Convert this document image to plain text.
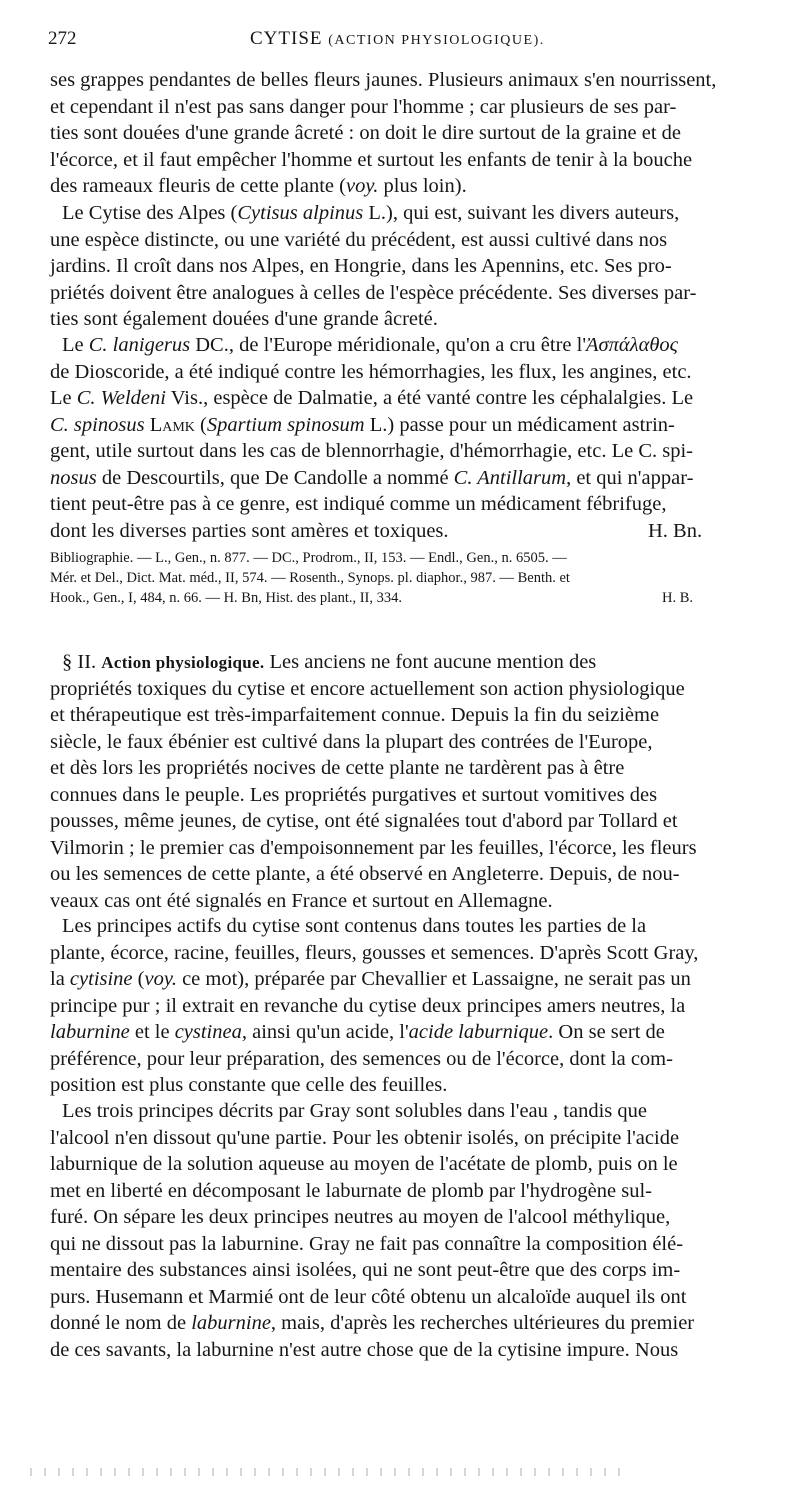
272	CYTISE (ACTION PHYSIOLOGIQUE).
ses grappes pendantes de belles fleurs jaunes. Plusieurs animaux s'en nourrissent,
et cependant il n'est pas sans danger pour l'homme ; car plusieurs de ses par-
ties sont douées d'une grande âcreté : on doit le dire surtout de la graine et de
l'écorce, et il faut empêcher l'homme et surtout les enfants de tenir à la bouche
des rameaux fleuris de cette plante (voy. plus loin).
Le Cytise des Alpes (Cytisus alpinus L.), qui est, suivant les divers auteurs,
une espèce distincte, ou une variété du précédent, est aussi cultivé dans nos
jardins. Il croît dans nos Alpes, en Hongrie, dans les Apennins, etc. Ses pro-
priétés doivent être analogues à celles de l'espèce précédente. Ses diverses par-
ties sont également douées d'une grande âcreté.
Le C. lanigerus DC., de l'Europe méridionale, qu'on a cru être l'Ἀσπάλαθος
de Dioscoride, a été indiqué contre les hémorrhagies, les flux, les angines, etc.
Le C. Weldeni Vis., espèce de Dalmatie, a été vanté contre les céphalalgies. Le
C. spinosus Lamk (Spartium spinosum L.) passe pour un médicament astrin-
gent, utile surtout dans les cas de blennorrhagie, d'hémorrhagie, etc. Le C. spi-
nosus de Descourtils, que De Candolle a nommé C. Antillarum, et qui n'appar-
tient peut-être pas à ce genre, est indiqué comme un médicament fébrifuge,
dont les diverses parties sont amères et toxiques.	H. Bn.
Bibliographie. — L., Gen., n. 877. — DC., Prodrom., II, 153. — Endl., Gen., n. 6505. —
Mér. et Del., Dict. Mat. méd., II, 574. — Rosenth., Synops. pl. diaphor., 987. — Benth. et
Hook., Gen., I, 484, n. 66. — H. Bn, Hist. des plant., II, 334.	H. B.
§ II. Action physiologique. Les anciens ne font aucune mention des
propriétés toxiques du cytise et encore actuellement son action physiologique
et thérapeutique est très-imparfaitement connue. Depuis la fin du seizième
siècle, le faux ébénier est cultivé dans la plupart des contrées de l'Europe,
et dès lors les propriétés nocives de cette plante ne tardèrent pas à être
connues dans le peuple. Les propriétés purgatives et surtout vomitives des
pousses, même jeunes, de cytise, ont été signalées tout d'abord par Tollard et
Vilmorin ; le premier cas d'empoisonnement par les feuilles, l'écorce, les fleurs
ou les semences de cette plante, a été observé en Angleterre. Depuis, de nou-
veaux cas ont été signalés en France et surtout en Allemagne.
Les principes actifs du cytise sont contenus dans toutes les parties de la
plante, écorce, racine, feuilles, fleurs, gousses et semences. D'après Scott Gray,
la cytisine (voy. ce mot), préparée par Chevallier et Lassaigne, ne serait pas un
principe pur ; il extrait en revanche du cytise deux principes amers neutres, la
laburnine et le cystinea, ainsi qu'un acide, l'acide laburnique. On se sert de
préférence, pour leur préparation, des semences ou de l'écorce, dont la com-
position est plus constante que celle des feuilles.
Les trois principes décrits par Gray sont solubles dans l'eau , tandis que
l'alcool n'en dissout qu'une partie. Pour les obtenir isolés, on précipite l'acide
laburnique de la solution aqueuse au moyen de l'acétate de plomb, puis on le
met en liberté en décomposant le laburnate de plomb par l'hydrogène sul-
furé. On sépare les deux principes neutres au moyen de l'alcool méthylique,
qui ne dissout pas la laburnine. Gray ne fait pas connaître la composition élé-
mentaire des substances ainsi isolées, qui ne sont peut-être que des corps im-
purs. Husemann et Marmié ont de leur côté obtenu un alcaloïde auquel ils ont
donné le nom de laburnine, mais, d'après les recherches ultérieures du premier
de ces savants, la laburnine n'est autre chose que de la cytisine impure. Nous
